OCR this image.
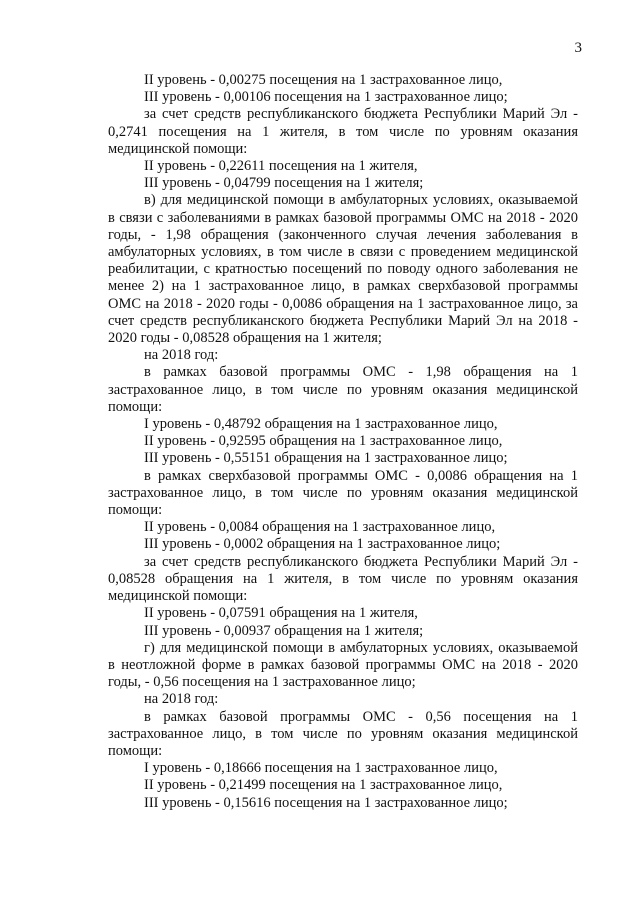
3

II уровень - 0,00275 посещения на 1 застрахованное лицо,

III уровень - 0,00106 посещения на 1 застрахованное лицо;

за счет средств республиканского бюджета Республики Марий Эл - 0,2741 посещения на 1 жителя, в том числе по уровням оказания медицинской помощи:

II уровень - 0,22611 посещения на 1 жителя,

III уровень - 0,04799 посещения на 1 жителя;

в) для медицинской помощи в амбулаторных условиях, оказываемой в связи с заболеваниями в рамках базовой программы ОМС на 2018 - 2020 годы, - 1,98 обращения (законченного случая лечения заболевания в амбулаторных условиях, в том числе в связи с проведением медицинской реабилитации, с кратностью посещений по поводу одного заболевания не менее 2) на 1 застрахованное лицо, в рамках сверхбазовой программы ОМС на 2018 - 2020 годы - 0,0086 обращения на 1 застрахованное лицо, за счет средств республиканского бюджета Республики Марий Эл на 2018 - 2020 годы - 0,08528 обращения на 1 жителя;

на 2018 год:

в рамках базовой программы ОМС - 1,98 обращения на 1 застрахованное лицо, в том числе по уровням оказания медицинской помощи:

I уровень - 0,48792 обращения на 1 застрахованное лицо,

II уровень - 0,92595 обращения на 1 застрахованное лицо,

III уровень - 0,55151 обращения на 1 застрахованное лицо;

в рамках сверхбазовой программы ОМС - 0,0086 обращения на 1 застрахованное лицо, в том числе по уровням оказания медицинской помощи:

II уровень - 0,0084 обращения на 1 застрахованное лицо,

III уровень - 0,0002 обращения на 1 застрахованное лицо;

за счет средств республиканского бюджета Республики Марий Эл - 0,08528 обращения на 1 жителя, в том числе по уровням оказания медицинской помощи:

II уровень - 0,07591 обращения на 1 жителя,

III уровень - 0,00937 обращения на 1 жителя;

г) для медицинской помощи в амбулаторных условиях, оказываемой в неотложной форме в рамках базовой программы ОМС на 2018 - 2020 годы, - 0,56 посещения на 1 застрахованное лицо;

на 2018 год:

в рамках базовой программы ОМС - 0,56 посещения на 1 застрахованное лицо, в том числе по уровням оказания медицинской помощи:

I уровень - 0,18666 посещения на 1 застрахованное лицо,

II уровень - 0,21499 посещения на 1 застрахованное лицо,

III уровень - 0,15616 посещения на 1 застрахованное лицо;
